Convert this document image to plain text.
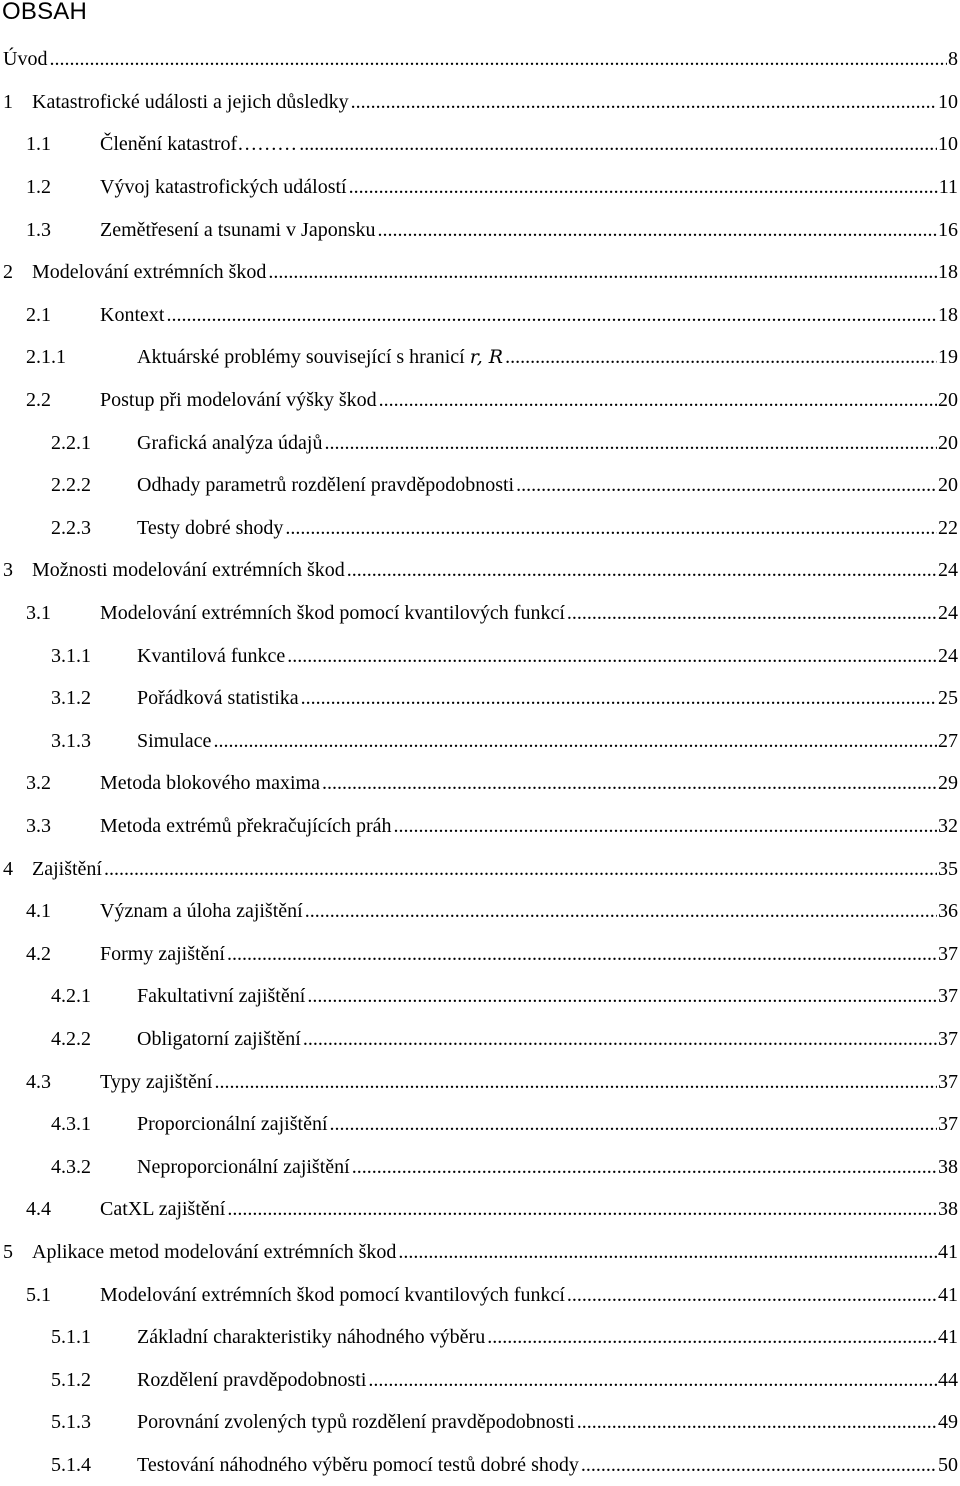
OBSAH
Úvod .....	8
1 Katastrofické události a jejich důsledky .....	10
1.1	Členění katastrof……… .....	10
1.2	Vývoj katastrofických událostí .....	11
1.3	Zemětřesení a tsunami v Japonsku .....	16
2 Modelování extrémních škod .....	18
2.1	Kontext .....	18
2.1.1	Aktuárské problémy související s hranicí r, R .....	19
2.2	Postup při modelování výšky škod .....	20
2.2.1	Grafická analýza údajů .....	20
2.2.2	Odhady parametrů rozdělení pravděpodobnosti .....	20
2.2.3	Testy dobré shody .....	22
3 Možnosti modelování extrémních škod .....	24
3.1	Modelování extrémních škod pomocí kvantilových funkcí .....	24
3.1.1	Kvantilová funkce .....	24
3.1.2	Pořádková statistika .....	25
3.1.3	Simulace .....	27
3.2	Metoda blokového maxima .....	29
3.3	Metoda extrémů překračujících práh .....	32
4 Zajištění .....	35
4.1	Význam a úloha zajištění .....	36
4.2	Formy zajištění .....	37
4.2.1	Fakultativní zajištění .....	37
4.2.2	Obligatorní zajištění .....	37
4.3	Typy zajištění .....	37
4.3.1	Proporcionální zajištění .....	37
4.3.2	Neproporcionální zajištění .....	38
4.4	CatXL zajištění .....	38
5 Aplikace metod modelování extrémních škod .....	41
5.1	Modelování extrémních škod pomocí kvantilových funkcí .....	41
5.1.1	Základní charakteristiky náhodného výběru .....	41
5.1.2	Rozdělení pravděpodobnosti .....	44
5.1.3	Porovnání zvolených typů rozdělení pravděpodobnosti .....	49
5.1.4	Testování náhodného výběru pomocí testů dobré shody .....	50
